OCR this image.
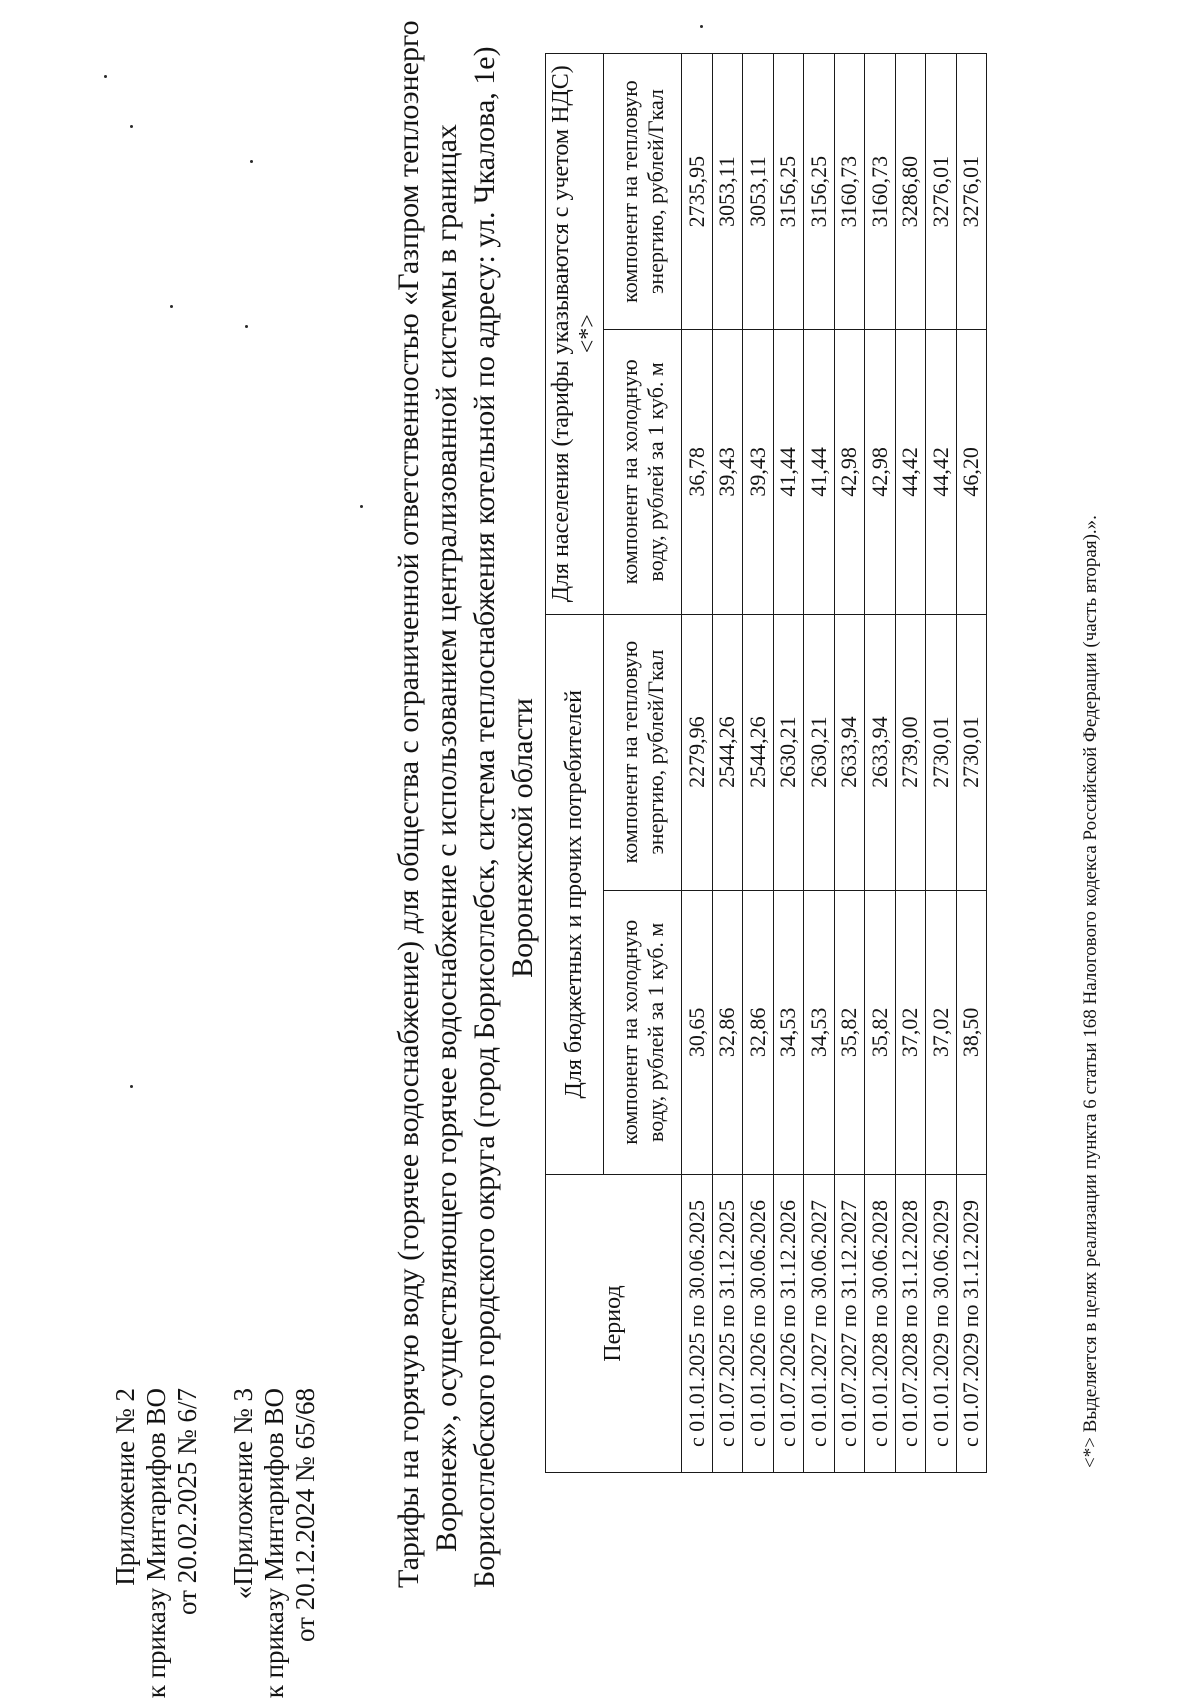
Приложение № 2 к приказу Минтарифов ВО от 20.02.2025 № 6/7 «Приложение № 3 к приказу Минтарифов ВО от 20.12.2024 № 65/68 Тарифы на горячую воду (горячее водоснабжение) для общества с ограниченной ответственностью «Газпром теплоэнерго Воронеж», осуществляющего горячее водоснабжение с использованием централизованной системы в границах Борисоглебского городского округа (город Борисоглебск, система теплоснабжения котельной по адресу: ул. Чкалова, 1е) Воронежской области
Период	Для бюджетных и прочих потребителей		Для населения (тарифы указываются с учетом НДС) <*>	
	компонент на холодную воду, рублей за 1 куб. м	компонент на тепловую энергию, рублей/Гкал	компонент на холодную воду, рублей за 1 куб. м	компонент на тепловую энергию, рублей/Гкал
с 01.01.2025 по 30.06.2025	30,65	2279,96	36,78	2735,95
с 01.07.2025 по 31.12.2025	32,86	2544,26	39,43	3053,11
с 01.01.2026 по 30.06.2026	32,86	2544,26	39,43	3053,11
с 01.07.2026 по 31.12.2026	34,53	2630,21	41,44	3156,25
с 01.01.2027 по 30.06.2027	34,53	2630,21	41,44	3156,25
с 01.07.2027 по 31.12.2027	35,82	2633,94	42,98	3160,73
с 01.01.2028 по 30.06.2028	35,82	2633,94	42,98	3160,73
с 01.07.2028 по 31.12.2028	37,02	2739,00	44,42	3286,80
с 01.01.2029 по 30.06.2029	37,02	2730,01	44,42	3276,01
с 01.07.2029 по 31.12.2029	38,50	2730,01	46,20	3276,01
<*> Выделяется в целях реализации пункта 6 статьи 168 Налогового кодекса Российской Федерации (часть вторая).».
